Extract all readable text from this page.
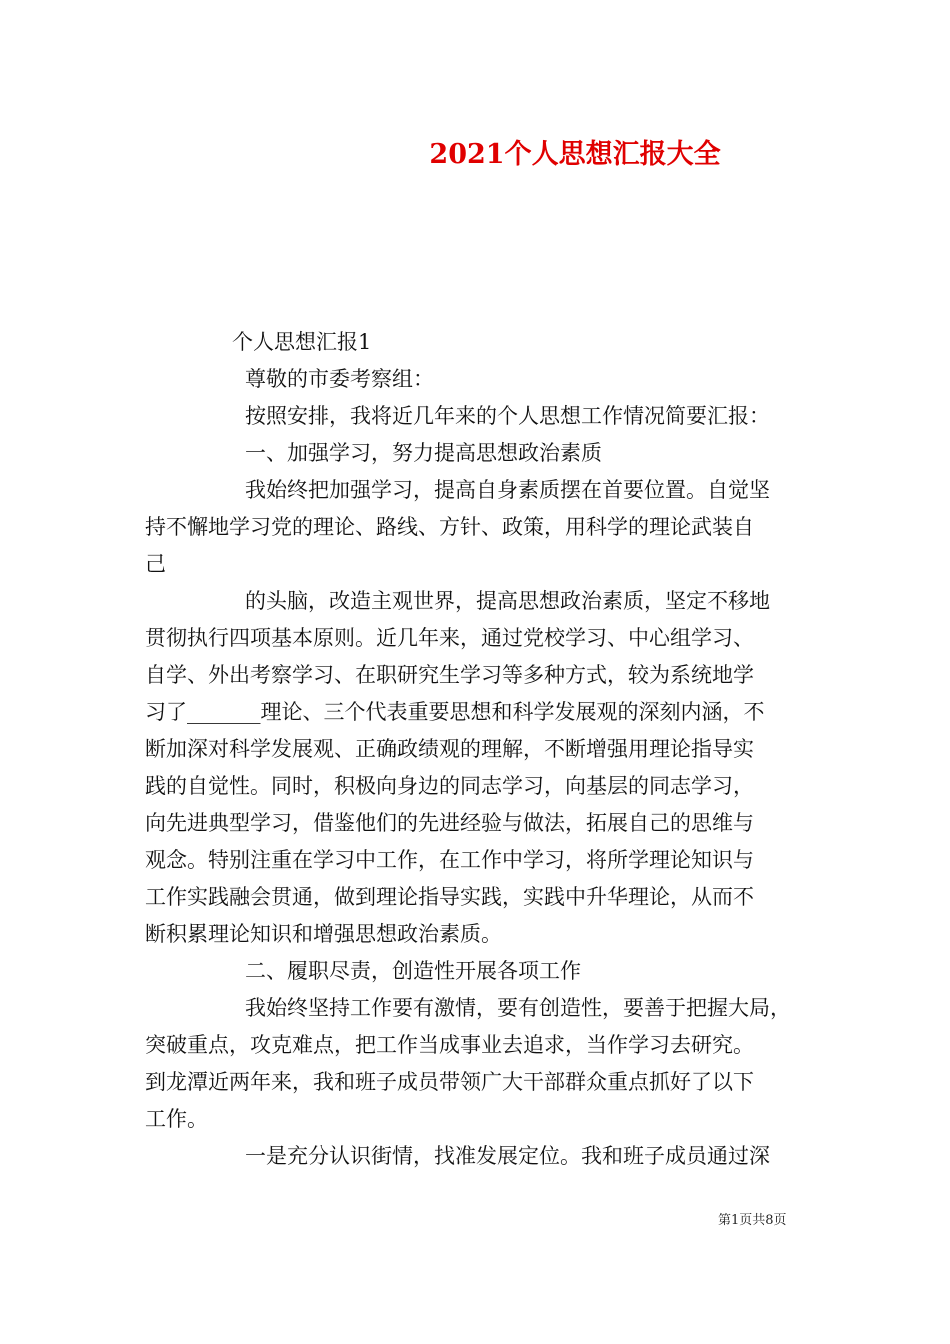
2021个人思想汇报大全
个人思想汇报1
尊敬的市委考察组：
按照安排，我将近几年来的个人思想工作情况简要汇报：
一、加强学习，努力提高思想政治素质
我始终把加强学习，提高自身素质摆在首要位置。自觉坚
持不懈地学习党的理论、路线、方针、政策，用科学的理论武装自
己
的头脑，改造主观世界，提高思想政治素质，坚定不移地
贯彻执行四项基本原则。近几年来，通过党校学习、中心组学习、
自学、外出考察学习、在职研究生学习等多种方式，较为系统地学
习了_______理论、三个代表重要思想和科学发展观的深刻内涵，不
断加深对科学发展观、正确政绩观的理解，不断增强用理论指导实
践的自觉性。同时，积极向身边的同志学习，向基层的同志学习，
向先进典型学习，借鉴他们的先进经验与做法，拓展自己的思维与
观念。特别注重在学习中工作，在工作中学习，将所学理论知识与
工作实践融会贯通，做到理论指导实践，实践中升华理论，从而不
断积累理论知识和增强思想政治素质。
二、履职尽责，创造性开展各项工作
我始终坚持工作要有激情，要有创造性，要善于把握大局，
突破重点，攻克难点，把工作当成事业去追求，当作学习去研究。
到龙潭近两年来，我和班子成员带领广大干部群众重点抓好了以下
工作。
一是充分认识街情，找准发展定位。我和班子成员通过深
第1页共8页
